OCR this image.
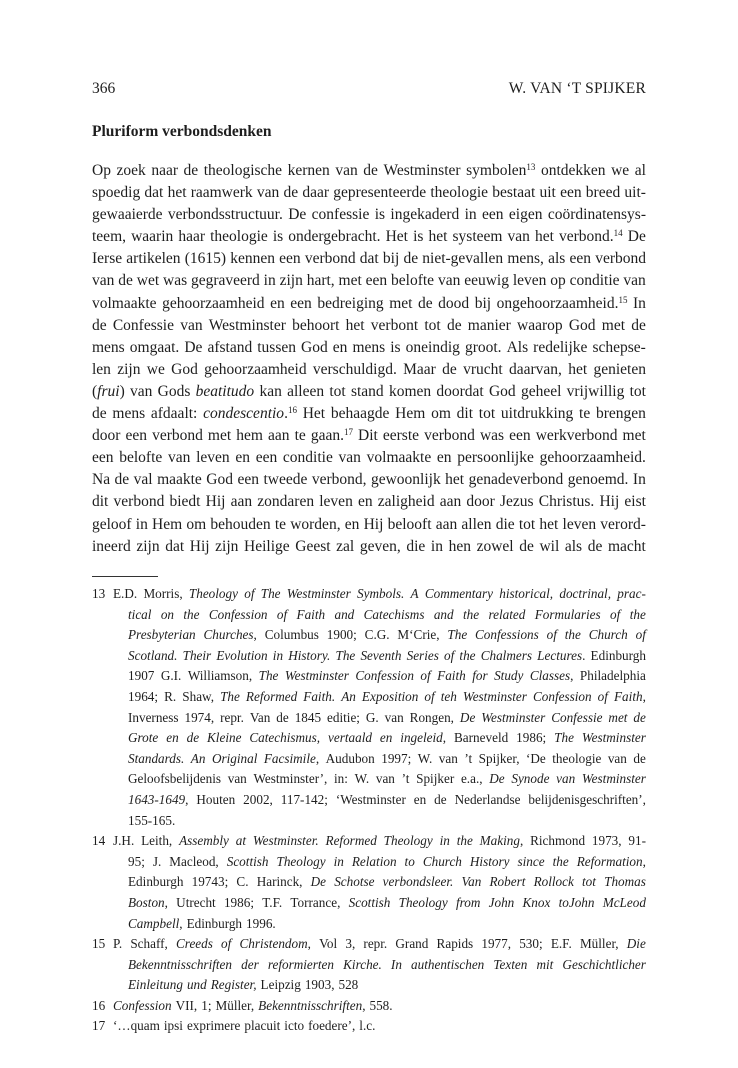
366	W. VAN ‘T SPIJKER
Pluriform verbondsdenken
Op zoek naar de theologische kernen van de Westminster symbolen$^{13}$ ontdekken we al
spoedig dat het raamwerk van de daar gepresenteerde theologie bestaat uit een breed uit-
gewaaierde verbondsstructuur. De confessie is ingekaderd in een eigen coördinatensys-
teem, waarin haar theologie is ondergebracht. Het is het systeem van het verbond.$^{14}$ De
Ierse artikelen (1615) kennen een verbond dat bij de niet-gevallen mens, als een verbond
van de wet was gegraveerd in zijn hart, met een belofte van eeuwig leven op conditie van
volmaakte gehoorzaamheid en een bedreiging met de dood bij ongehoorzaamheid.$^{15}$ In
de Confessie van Westminster behoort het verbont tot de manier waarop God met de
mens omgaat. De afstand tussen God en mens is oneindig groot. Als redelijke schepse-
len zijn we God gehoorzaamheid verschuldigd. Maar de vrucht daarvan, het genieten
(frui) van Gods beatitudo kan alleen tot stand komen doordat God geheel vrijwillig tot
de mens afdaalt: condescentio.$^{16}$ Het behaagde Hem om dit tot uitdrukking te brengen
door een verbond met hem aan te gaan.$^{17}$ Dit eerste verbond was een werkverbond met
een belofte van leven en een conditie van volmaakte en persoonlijke gehoorzaamheid.
Na de val maakte God een tweede verbond, gewoonlijk het genadeverbond genoemd. In
dit verbond biedt Hij aan zondaren leven en zaligheid aan door Jezus Christus. Hij eist
geloof in Hem om behouden te worden, en Hij belooft aan allen die tot het leven verord-
ineerd zijn dat Hij zijn Heilige Geest zal geven, die in hen zowel de wil als de macht
13 E.D. Morris, Theology of The Westminster Symbols. A Commentary historical, doctrinal, prac-
tical on the Confession of Faith and Catechisms and the related Formularies of the
Presbyterian Churches, Columbus 1900; C.G. M‘Crie, The Confessions of the Church of
Scotland. Their Evolution in History. The Seventh Series of the Chalmers Lectures. Edinburgh
1907 G.I. Williamson, The Westminster Confession of Faith for Study Classes, Philadelphia
1964; R. Shaw, The Reformed Faith. An Exposition of teh Westminster Confession of Faith,
Inverness 1974, repr. Van de 1845 editie; G. van Rongen, De Westminster Confessie met de
Grote en de Kleine Catechismus, vertaald en ingeleid, Barneveld 1986; The Westminster
Standards. An Original Facsimile, Audubon 1997; W. van ’t Spijker, ‘De theologie van de
Geloofsbelijdenis van Westminster’, in: W. van ’t Spijker e.a., De Synode van Westminster
1643-1649, Houten 2002, 117-142; ‘Westminster en de Nederlandse belijdenisgeschriften’,
155-165.
14 J.H. Leith, Assembly at Westminster. Reformed Theology in the Making, Richmond 1973, 91-
95; J. Macleod, Scottish Theology in Relation to Church History since the Reformation,
Edinburgh 19743; C. Harinck, De Schotse verbondsleer. Van Robert Rollock tot Thomas
Boston, Utrecht 1986; T.F. Torrance, Scottish Theology from John Knox toJohn McLeod
Campbell, Edinburgh 1996.
15 P. Schaff, Creeds of Christendom, Vol 3, repr. Grand Rapids 1977, 530; E.F. Müller, Die
Bekenntnisschriften der reformierten Kirche. In authentischen Texten mit Geschichtlicher
Einleitung und Register, Leipzig 1903, 528
16 Confession VII, 1; Müller, Bekenntnisschriften, 558.
17 ‘…quam ipsi exprimere placuit icto foedere’, l.c.
